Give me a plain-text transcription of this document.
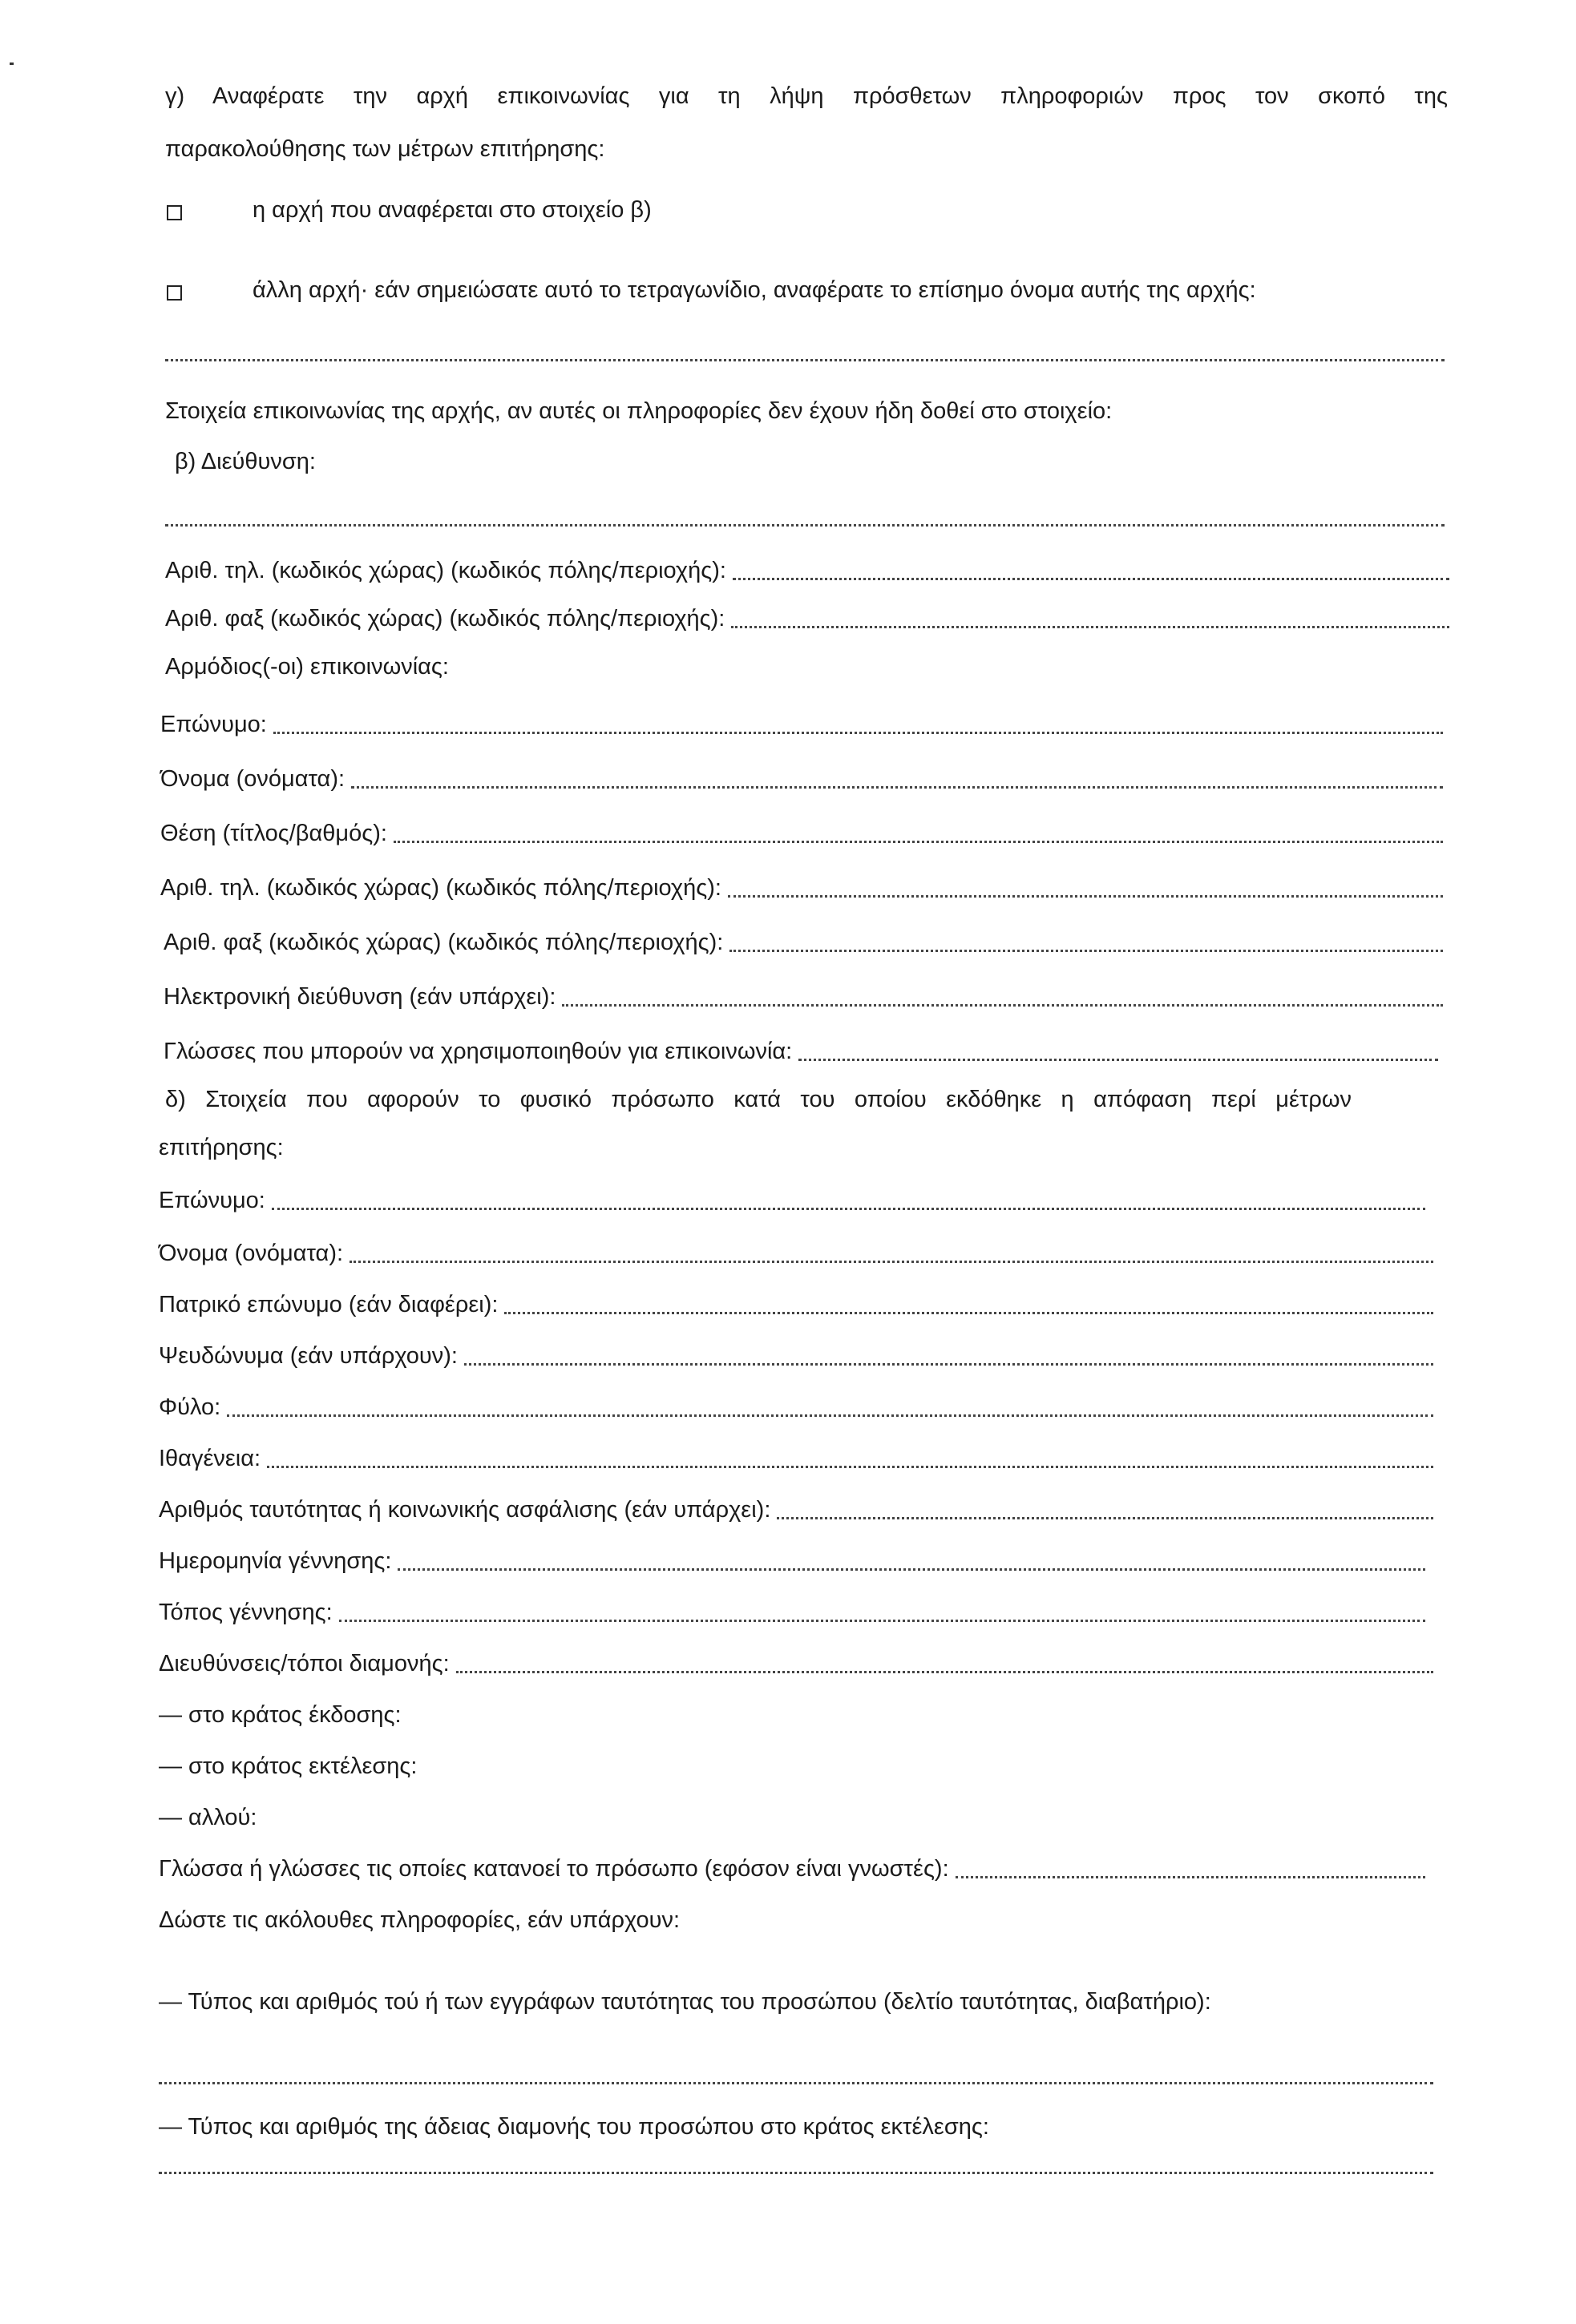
γ) Αναφέρατε την αρχή επικοινωνίας για τη λήψη πρόσθετων πληροφοριών προς τον σκοπό της
παρακολούθησης των μέτρων επιτήρησης:
η αρχή που αναφέρεται στο στοιχείο β)
άλλη αρχή· εάν σημειώσατε αυτό το τετραγωνίδιο, αναφέρατε το επίσημο όνομα αυτής της αρχής:
Στοιχεία επικοινωνίας της αρχής, αν αυτές οι πληροφορίες δεν έχουν ήδη δοθεί στο στοιχείο:
β) Διεύθυνση:
Αριθ. τηλ. (κωδικός χώρας) (κωδικός πόλης/περιοχής):
Αριθ. φαξ (κωδικός χώρας) (κωδικός πόλης/περιοχής):
Αρμόδιος(-οι) επικοινωνίας:
Επώνυμο:
Όνομα (ονόματα):
Θέση (τίτλος/βαθμός):
Αριθ. τηλ. (κωδικός χώρας) (κωδικός πόλης/περιοχής):
Αριθ. φαξ (κωδικός χώρας) (κωδικός πόλης/περιοχής):
Ηλεκτρονική διεύθυνση (εάν υπάρχει):
Γλώσσες που μπορούν να χρησιμοποιηθούν για επικοινωνία:
δ) Στοιχεία που αφορούν το φυσικό πρόσωπο κατά του οποίου εκδόθηκε η απόφαση περί μέτρων
επιτήρησης:
Επώνυμο:
Όνομα (ονόματα):
Πατρικό επώνυμο (εάν διαφέρει):
Ψευδώνυμα (εάν υπάρχουν):
Φύλο:
Ιθαγένεια:
Αριθμός ταυτότητας ή κοινωνικής ασφάλισης (εάν υπάρχει):
Ημερομηνία γέννησης:
Τόπος γέννησης:
Διευθύνσεις/τόποι διαμονής:
— στο κράτος έκδοσης:
— στο κράτος εκτέλεσης:
— αλλού:
Γλώσσα ή γλώσσες τις οποίες κατανοεί το πρόσωπο (εφόσον είναι γνωστές):
Δώστε τις ακόλουθες πληροφορίες, εάν υπάρχουν:
— Τύπος και αριθμός τού ή των εγγράφων ταυτότητας του προσώπου (δελτίο ταυτότητας, διαβατήριο):
— Τύπος και αριθμός της άδειας διαμονής του προσώπου στο κράτος εκτέλεσης:
